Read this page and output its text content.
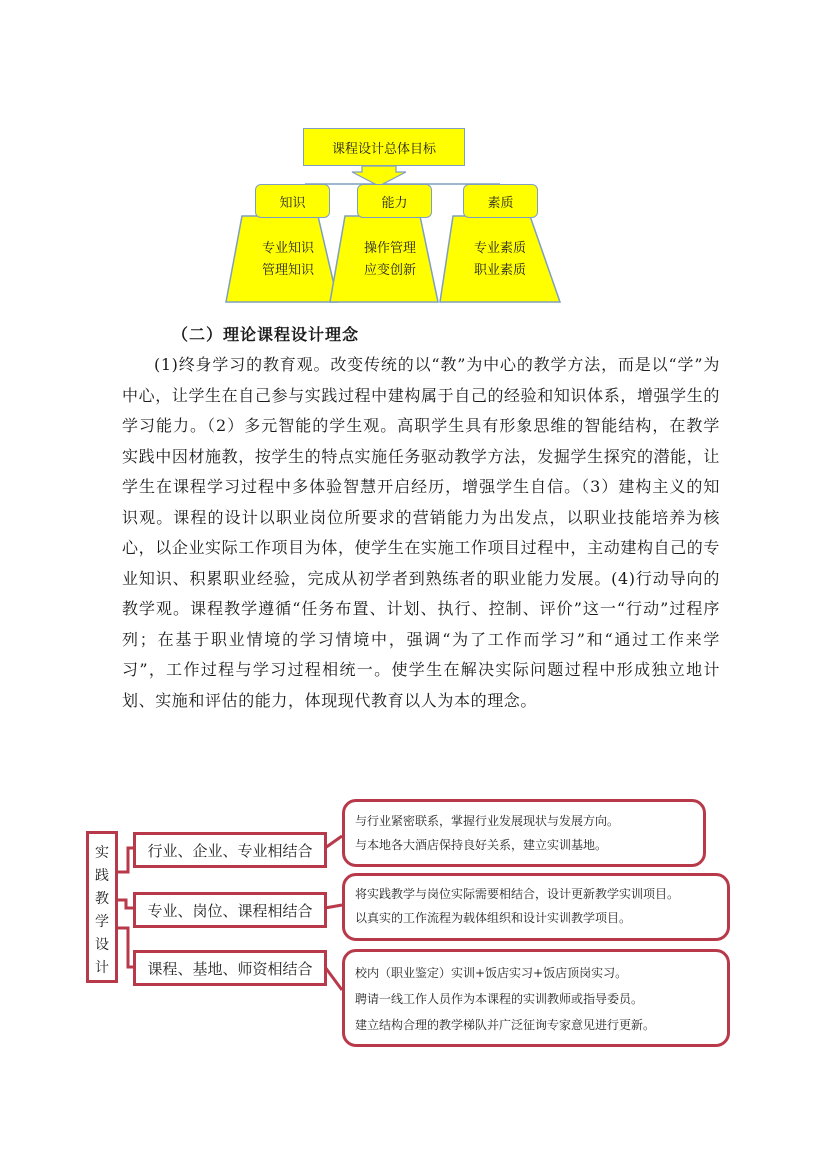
课程设计总体目标
知识	能力	素质
专业知识
管理知识
操作管理
应变创新
专业素质
职业素质
（二）理论课程设计理念
(1)终身学习的教育观。改变传统的以“教”为中心的教学方法，而是以“学”为中心，让学生在自己参与实践过程中建构属于自己的经验和知识体系，增强学生的学习能力。（2）多元智能的学生观。高职学生具有形象思维的智能结构，在教学实践中因材施教，按学生的特点实施任务驱动教学方法，发掘学生探究的潜能，让学生在课程学习过程中多体验智慧开启经历，增强学生自信。（3）建构主义的知识观。课程的设计以职业岗位所要求的营销能力为出发点，以职业技能培养为核心，以企业实际工作项目为体，使学生在实施工作项目过程中，主动建构自己的专业知识、积累职业经验，完成从初学者到熟练者的职业能力发展。(4)行动导向的教学观。课程教学遵循“任务布置、计划、执行、控制、评价”这一“行动”过程序列；在基于职业情境的学习情境中，强调“为了工作而学习”和“通过工作来学习”，工作过程与学习过程相统一。使学生在解决实际问题过程中形成独立地计划、实施和评估的能力，体现现代教育以人为本的理念。
实
践
教
学
设
计
行业、企业、专业相结合
专业、岗位、课程相结合
课程、基地、师资相结合
与行业紧密联系，掌握行业发展现状与发展方向。
与本地各大酒店保持良好关系，建立实训基地。
将实践教学与岗位实际需要相结合，设计更新教学实训项目。
以真实的工作流程为载体组织和设计实训教学项目。
校内（职业鉴定）实训+饭店实习+饭店顶岗实习。
聘请一线工作人员作为本课程的实训教师或指导委员。
建立结构合理的教学梯队并广泛征询专家意见进行更新。
